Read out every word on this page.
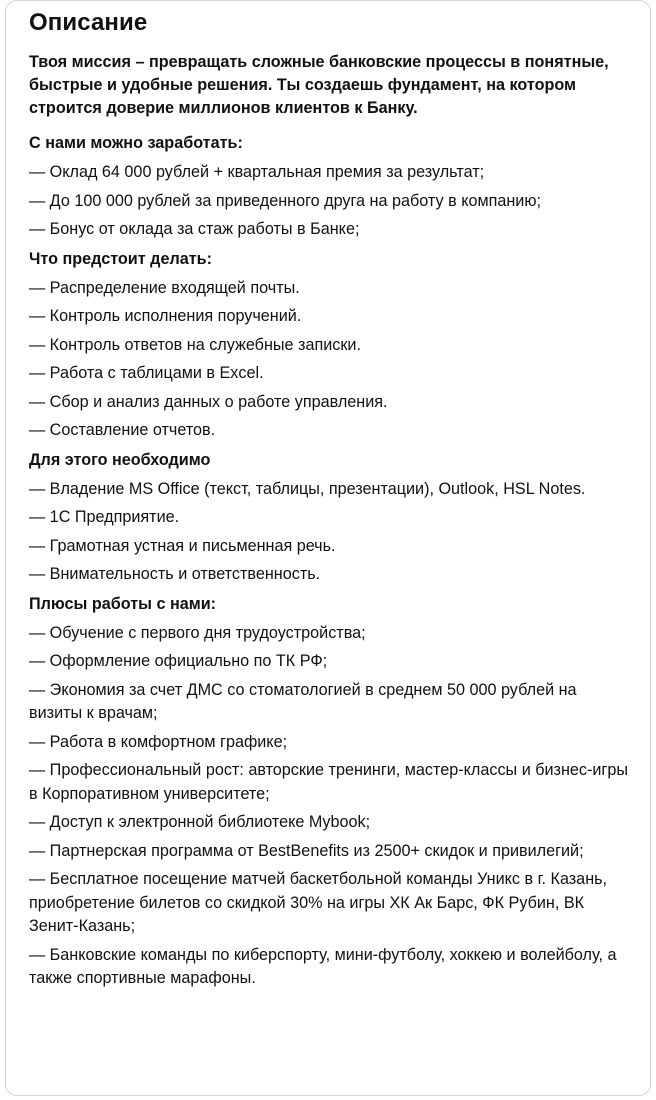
Описание
Твоя миссия – превращать сложные банковские процессы в понятные, быстрые и удобные решения. Ты создаешь фундамент, на котором строится доверие миллионов клиентов к Банку.
С нами можно заработать:
— Оклад 64 000 рублей + квартальная премия за результат;
— До 100 000 рублей за приведенного друга на работу в компанию;
— Бонус от оклада за стаж работы в Банке;
Что предстоит делать:
— Распределение входящей почты.
— Контроль исполнения поручений.
— Контроль ответов на служебные записки.
— Работа с таблицами в Excel.
— Сбор и анализ данных о работе управления.
— Составление отчетов.
Для этого необходимо
— Владение MS Office (текст, таблицы, презентации), Outlook, HSL Notes.
— 1С Предприятие.
— Грамотная устная и письменная речь.
— Внимательность и ответственность.
Плюсы работы с нами:
— Обучение с первого дня трудоустройства;
— Оформление официально по ТК РФ;
— Экономия за счет ДМС со стоматологией в среднем 50 000 рублей на визиты к врачам;
— Работа в комфортном графике;
— Профессиональный рост: авторские тренинги, мастер-классы и бизнес-игры в Корпоративном университете;
— Доступ к электронной библиотеке Mybook;
— Партнерская программа от BestBenefits из 2500+ скидок и привилегий;
— Бесплатное посещение матчей баскетбольной команды Уникс в г. Казань, приобретение билетов со скидкой 30% на игры ХК Ак Барс, ФК Рубин, ВК Зенит-Казань;
— Банковские команды по киберспорту, мини-футболу, хоккею и волейболу, а также спортивные марафоны.
